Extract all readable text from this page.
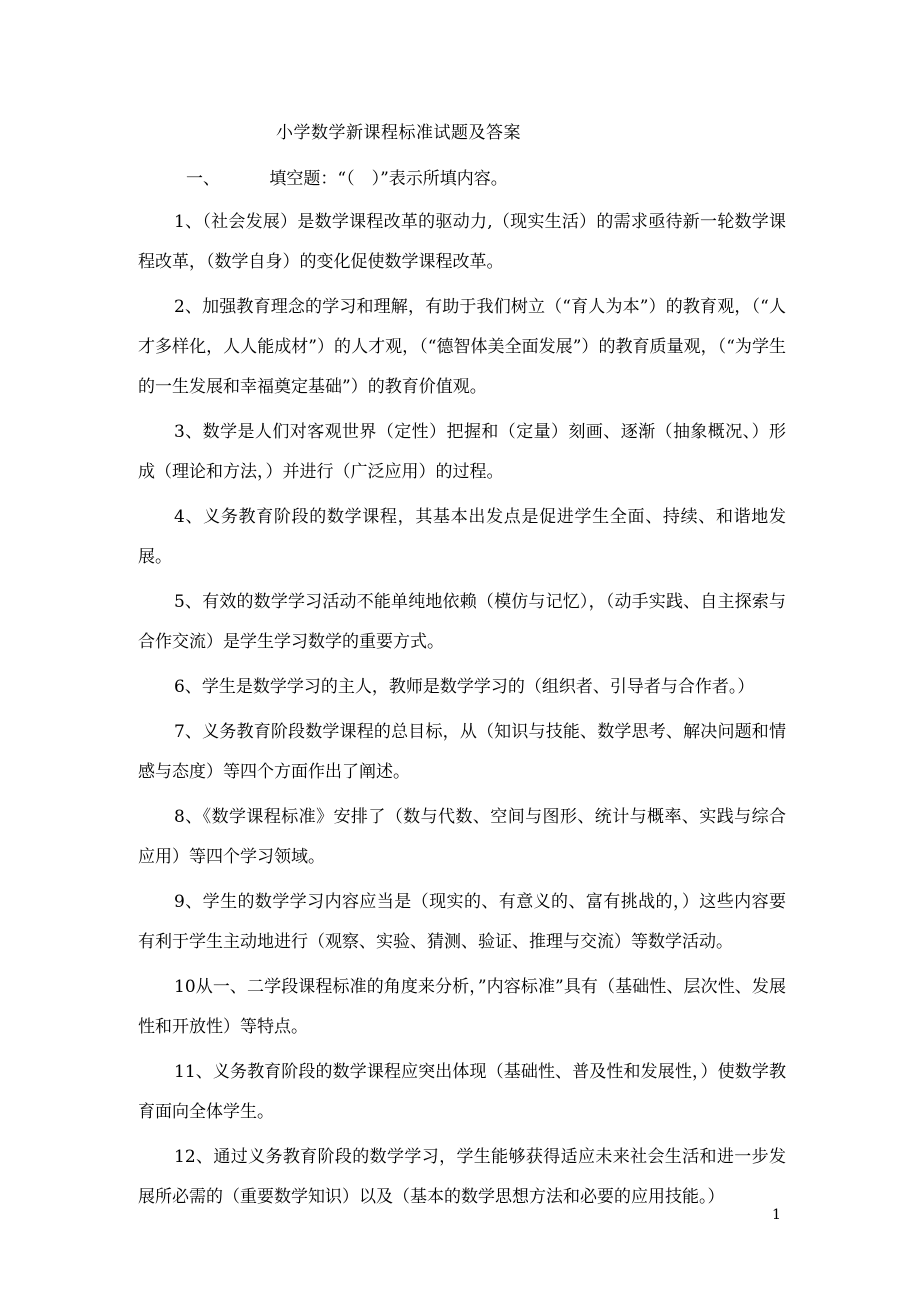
小学数学新课程标准试题及答案
一、	填空题：“（　）”表示所填内容。

1、（社会发展）是数学课程改革的驱动力,（现实生活）的需求亟待新一轮数学课程改革，（数学自身）的变化促使数学课程改革。

2、加强教育理念的学习和理解，有助于我们树立（“育人为本”）的教育观，（“人才多样化，人人能成材”）的人才观，（“德智体美全面发展”）的教育质量观，（“为学生的一生发展和幸福奠定基础”）的教育价值观。

3、数学是人们对客观世界（定性）把握和（定量）刻画、逐渐（抽象概况、）形成（理论和方法，）并进行（广泛应用）的过程。

4、义务教育阶段的数学课程，其基本出发点是促进学生全面、持续、和谐地发展。

5、有效的数学学习活动不能单纯地依赖（模仿与记忆），（动手实践、自主探索与合作交流）是学生学习数学的重要方式。

6、学生是数学学习的主人，教师是数学学习的（组织者、引导者与合作者。）

7、义务教育阶段数学课程的总目标，从（知识与技能、数学思考、解决问题和情感与态度）等四个方面作出了阐述。

8、《数学课程标准》安排了（数与代数、空间与图形、统计与概率、实践与综合应用）等四个学习领域。

9、学生的数学学习内容应当是（现实的、有意义的、富有挑战的，）这些内容要有利于学生主动地进行（观察、实验、猜测、验证、推理与交流）等数学活动。

10从一、二学段课程标准的角度来分析，”内容标准”具有（基础性、层次性、发展性和开放性）等特点。

11、义务教育阶段的数学课程应突出体现（基础性、普及性和发展性，）使数学教育面向全体学生。

12、通过义务教育阶段的数学学习，学生能够获得适应未来社会生活和进一步发展所必需的（重要数学知识）以及（基本的数学思想方法和必要的应用技能。）

1
